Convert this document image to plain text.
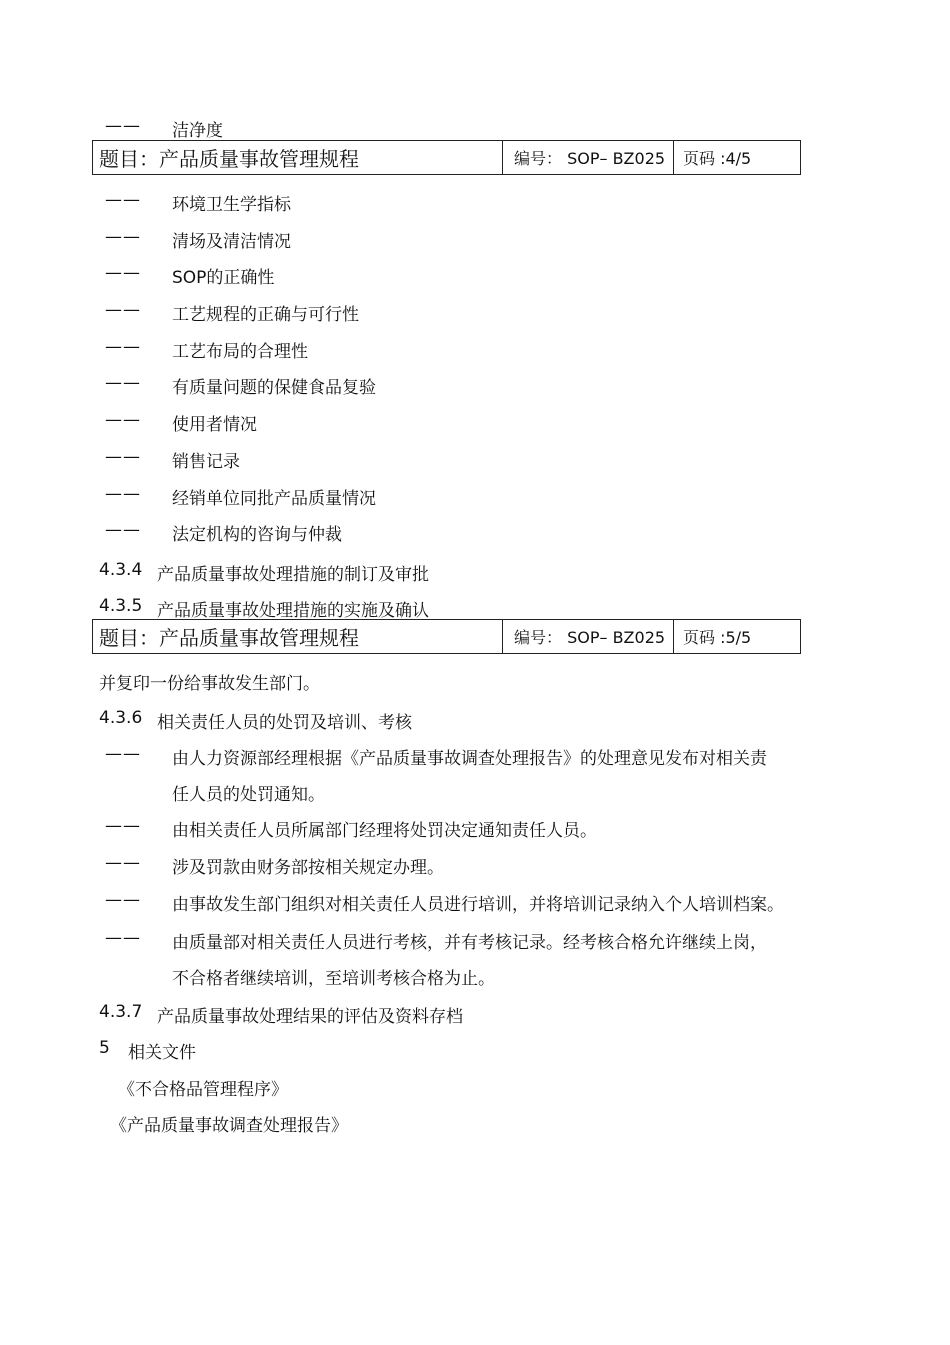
—— 洁净度
题目：产品质量事故管理规程	编号： SOP– BZ025	页码 :4/5
—— 环境卫生学指标
—— 清场及清洁情况
—— SOP的正确性
—— 工艺规程的正确与可行性
—— 工艺布局的合理性
—— 有质量问题的保健食品复验
—— 使用者情况
—— 销售记录
—— 经销单位同批产品质量情况
—— 法定机构的咨询与仲裁
4.3.4 产品质量事故处理措施的制订及审批
4.3.5 产品质量事故处理措施的实施及确认
题目：产品质量事故管理规程	编号： SOP– BZ025	页码 :5/5
并复印一份给事故发生部门。
4.3.6 相关责任人员的处罚及培训、考核
—— 由人力资源部经理根据《产品质量事故调查处理报告》的处理意见发布对相关责
任人员的处罚通知。
—— 由相关责任人员所属部门经理将处罚决定通知责任人员。
—— 涉及罚款由财务部按相关规定办理。
—— 由事故发生部门组织对相关责任人员进行培训，并将培训记录纳入个人培训档案。
—— 由质量部对相关责任人员进行考核，并有考核记录。经考核合格允许继续上岗，
不合格者继续培训，至培训考核合格为止。
4.3.7 产品质量事故处理结果的评估及资料存档
5 相关文件
《不合格品管理程序》
《产品质量事故调查处理报告》
